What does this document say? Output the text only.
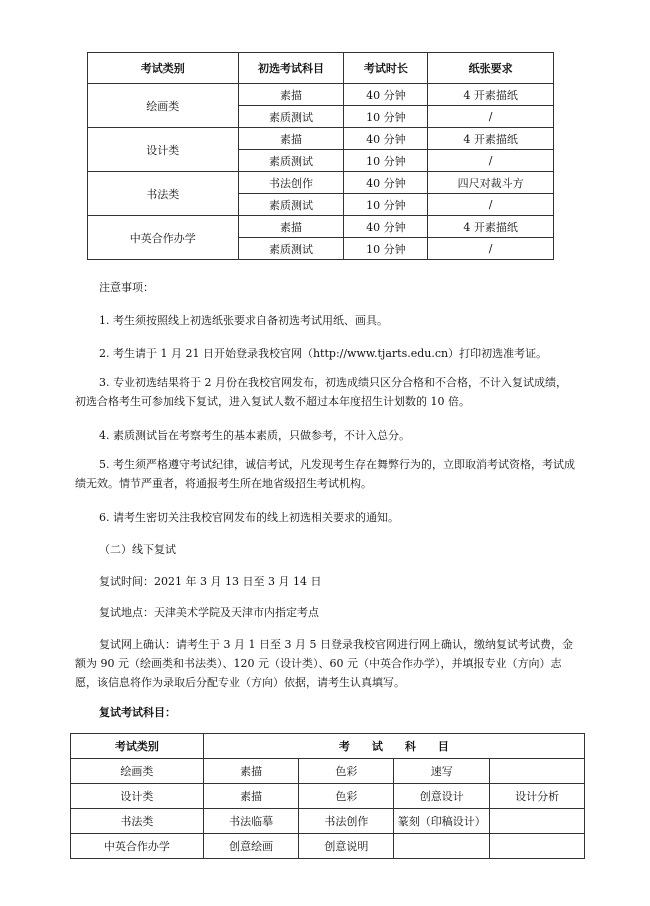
考试类别	初选考试科目	考试时长	纸张要求
绘画类	素描	40 分钟	4 开素描纸
	素质测试	10 分钟	/
设计类	素描	40 分钟	4 开素描纸
	素质测试	10 分钟	/
书法类	书法创作	40 分钟	四尺对裁斗方
	素质测试	10 分钟	/
中英合作办学	素描	40 分钟	4 开素描纸
	素质测试	10 分钟	/

注意事项：

1. 考生须按照线上初选纸张要求自备初选考试用纸、画具。

2. 考生请于 1 月 21 日开始登录我校官网（http://www.tjarts.edu.cn）打印初选准考证。

3. 专业初选结果将于 2 月份在我校官网发布，初选成绩只区分合格和不合格，不计入复试成绩，初选合格考生可参加线下复试，进入复试人数不超过本年度招生计划数的 10 倍。

4. 素质测试旨在考察考生的基本素质，只做参考，不计入总分。

5. 考生须严格遵守考试纪律，诚信考试，凡发现考生存在舞弊行为的，立即取消考试资格，考试成绩无效。情节严重者，将通报考生所在地省级招生考试机构。

6. 请考生密切关注我校官网发布的线上初选相关要求的通知。

（二）线下复试

复试时间：2021 年 3 月 13 日至 3 月 14 日

复试地点：天津美术学院及天津市内指定考点

复试网上确认：请考生于 3 月 1 日至 3 月 5 日登录我校官网进行网上确认，缴纳复试考试费，金额为 90 元（绘画类和书法类）、120 元（设计类）、60 元（中英合作办学），并填报专业（方向）志愿，该信息将作为录取后分配专业（方向）依据，请考生认真填写。

复试考试科目：

考试类别	考　　试　　科　　目			
绘画类	素描	色彩	速写	
设计类	素描	色彩	创意设计	设计分析
书法类	书法临摹	书法创作	篆刻（印稿设计）	
中英合作办学	创意绘画	创意说明		
